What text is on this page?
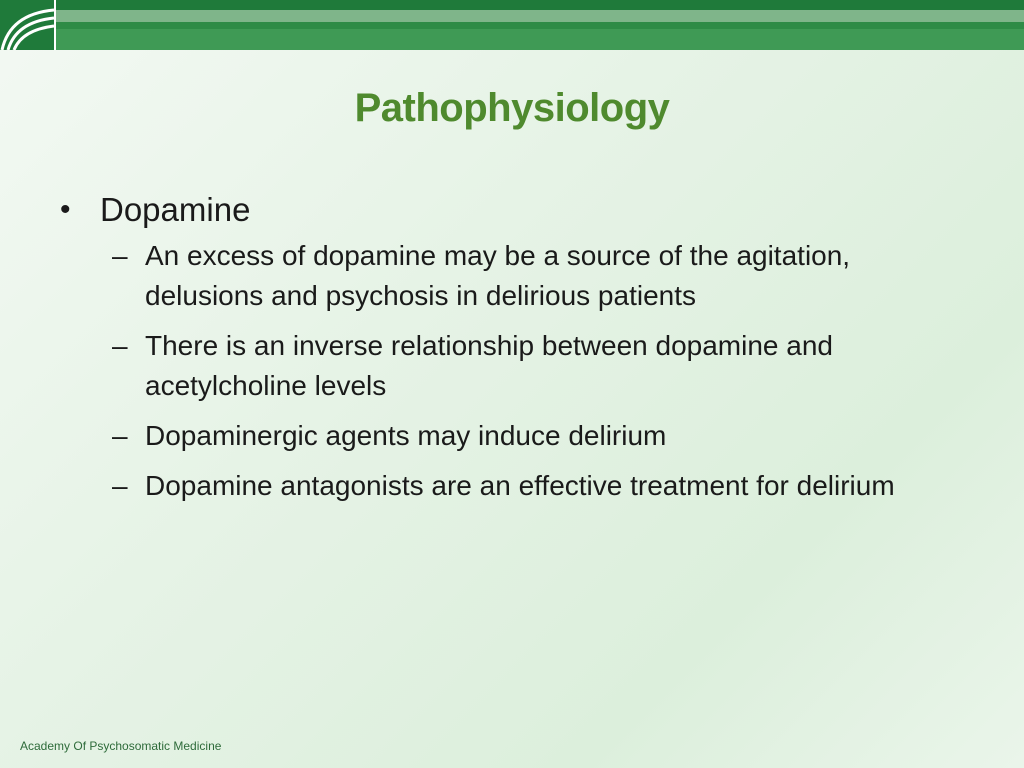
Pathophysiology
• Dopamine
– An excess of dopamine may be a source of the agitation, delusions and psychosis in delirious patients
– There is an inverse relationship between dopamine and acetylcholine levels
– Dopaminergic agents may induce delirium
– Dopamine antagonists are an effective treatment for delirium
Academy Of Psychosomatic Medicine
